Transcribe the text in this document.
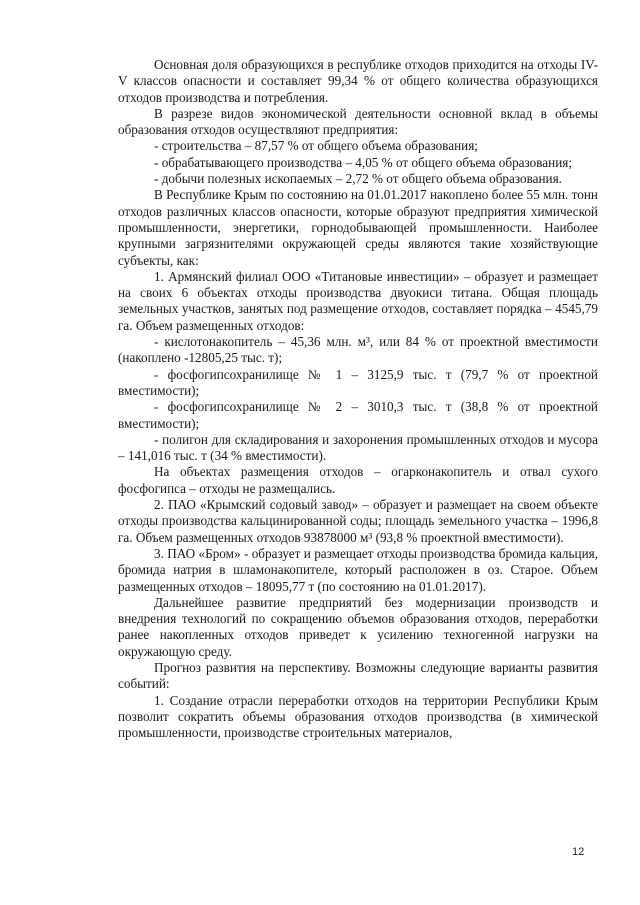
Основная доля образующихся в республике отходов приходится на отходы IV-V классов опасности и составляет 99,34 % от общего количества образующихся отходов производства и потребления.

В разрезе видов экономической деятельности основной вклад в объемы образования отходов осуществляют предприятия:

- строительства – 87,57 % от общего объема образования;

- обрабатывающего производства – 4,05 % от общего объема образования;

- добычи полезных ископаемых – 2,72 % от общего объема образования.

В Республике Крым по состоянию на 01.01.2017 накоплено более 55 млн. тонн отходов различных классов опасности, которые образуют предприятия химической промышленности, энергетики, горнодобывающей промышленности. Наиболее крупными загрязнителями окружающей среды являются такие хозяйствующие субъекты, как:

1. Армянский филиал ООО «Титановые инвестиции» – образует и размещает на своих 6 объектах отходы производства двуокиси титана. Общая площадь земельных участков, занятых под размещение отходов, составляет порядка – 4545,79 га. Объем размещенных отходов:

- кислотонакопитель – 45,36 млн. м³, или 84 % от проектной вместимости (накоплено -12805,25 тыс. т);

- фосфогипсохранилище № 1 – 3125,9 тыс. т (79,7 % от проектной вместимости);

- фосфогипсохранилище № 2 – 3010,3 тыс. т (38,8 % от проектной вместимости);

- полигон для складирования и захоронения промышленных отходов и мусора – 141,016 тыс. т (34 % вместимости).

На объектах размещения отходов – огарконакопитель и отвал сухого фосфогипса – отходы не размещались.

2. ПАО «Крымский содовый завод» – образует и размещает на своем объекте отходы производства кальцинированной соды; площадь земельного участка – 1996,8 га. Объем размещенных отходов 93878000 м³ (93,8 % проектной вместимости).

3. ПАО «Бром» - образует и размещает отходы производства бромида кальция, бромида натрия в шламонакопителе, который расположен в оз. Старое. Объем размещенных отходов – 18095,77 т (по состоянию на 01.01.2017).

Дальнейшее развитие предприятий без модернизации производств и внедрения технологий по сокращению объемов образования отходов, переработки ранее накопленных отходов приведет к усилению техногенной нагрузки на окружающую среду.

Прогноз развития на перспективу. Возможны следующие варианты развития событий:

1. Создание отрасли переработки отходов на территории Республики Крым позволит сократить объемы образования отходов производства (в химической промышленности, производстве строительных материалов,

12
